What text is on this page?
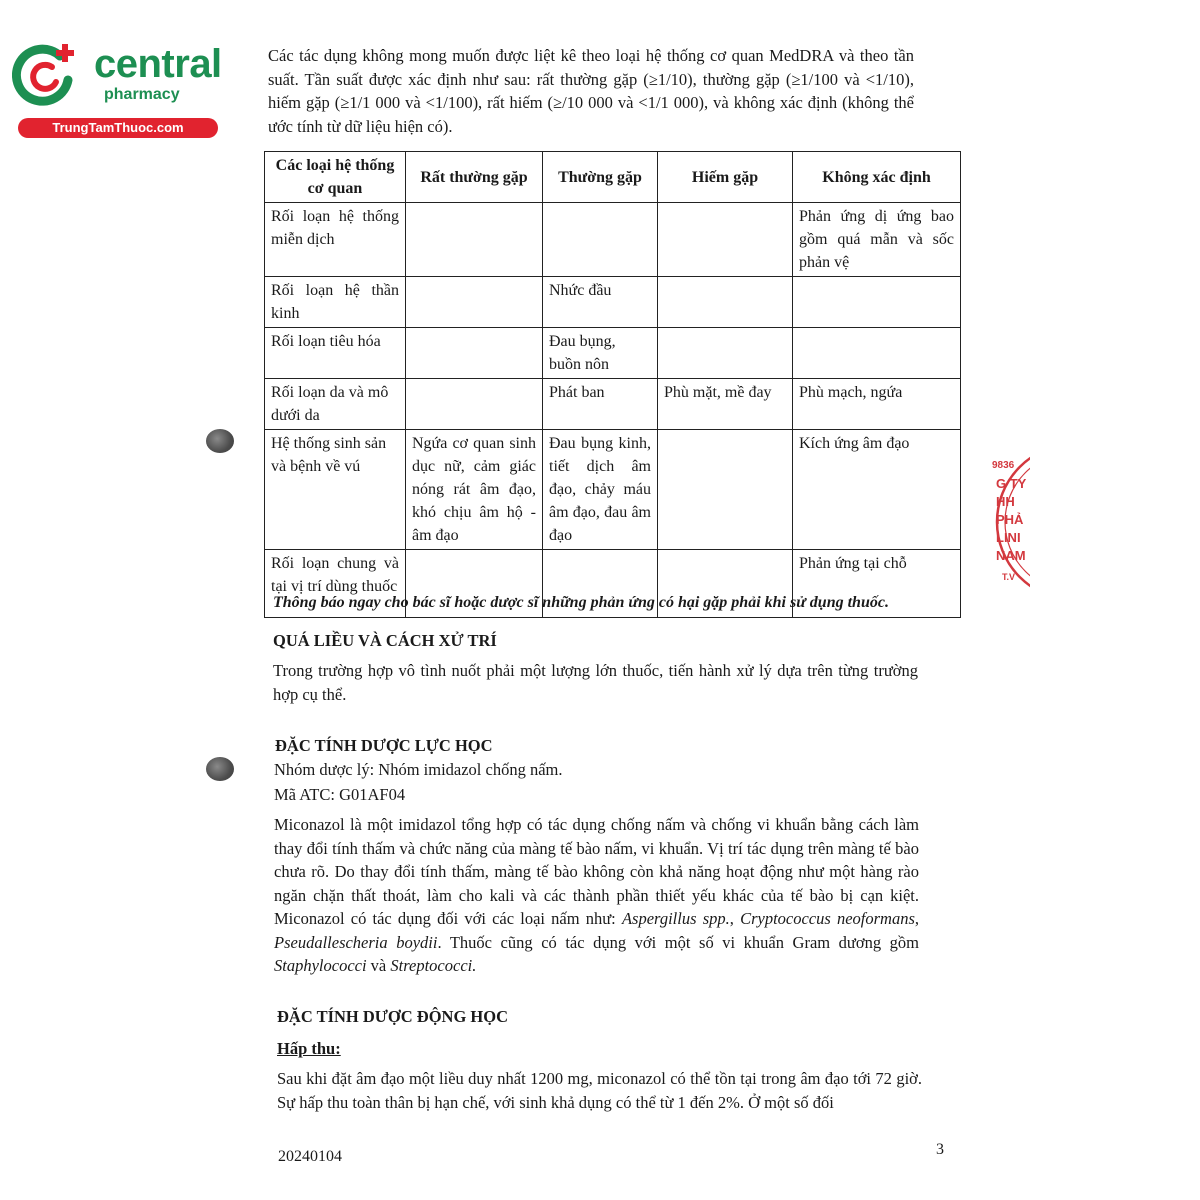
central
pharmacy
TrungTamThuoc.com
Các tác dụng không mong muốn được liệt kê theo loại hệ thống cơ quan MedDRA và theo tần suất. Tần suất được xác định như sau: rất thường gặp (≥1/10), thường gặp (≥1/100 và <1/10), hiếm gặp (≥1/1 000 và <1/100), rất hiếm (≥/10 000 và <1/1 000), và không xác định (không thể ước tính từ dữ liệu hiện có).
Các loại hệ thống cơ quan	Rất thường gặp	Thường gặp	Hiếm gặp	Không xác định
Rối loạn hệ thống miễn dịch				Phản ứng dị ứng bao gồm quá mẫn và sốc phản vệ
Rối loạn hệ thần kinh		Nhức đầu		
Rối loạn tiêu hóa		Đau bụng, buồn nôn		
Rối loạn da và mô dưới da		Phát ban	Phù mặt, mề đay	Phù mạch, ngứa
Hệ thống sinh sản và bệnh về vú	Ngứa cơ quan sinh dục nữ, cảm giác nóng rát âm đạo, khó chịu âm hộ - âm đạo	Đau bụng kinh, tiết dịch âm đạo, chảy máu âm đạo, đau âm đạo		Kích ứng âm đạo
Rối loạn chung và tại vị trí dùng thuốc				Phản ứng tại chỗ
Thông báo ngay cho bác sĩ hoặc dược sĩ những phản ứng có hại gặp phải khi sử dụng thuốc.
9836
G TY
HH
PHẢ
LINI
NAM
T.V
QUÁ LIỀU VÀ CÁCH XỬ TRÍ
Trong trường hợp vô tình nuốt phải một lượng lớn thuốc, tiến hành xử lý dựa trên từng trường hợp cụ thể.
ĐẶC TÍNH DƯỢC LỰC HỌC
Nhóm dược lý: Nhóm imidazol chống nấm.
Mã ATC: G01AF04
Miconazol là một imidazol tổng hợp có tác dụng chống nấm và chống vi khuẩn bằng cách làm thay đổi tính thấm và chức năng của màng tế bào nấm, vi khuẩn. Vị trí tác dụng trên màng tế bào chưa rõ. Do thay đổi tính thấm, màng tế bào không còn khả năng hoạt động như một hàng rào ngăn chặn thất thoát, làm cho kali và các thành phần thiết yếu khác của tế bào bị cạn kiệt. Miconazol có tác dụng đối với các loại nấm như: Aspergillus spp., Cryptococcus neoformans, Pseudallescheria boydii. Thuốc cũng có tác dụng với một số vi khuẩn Gram dương gồm Staphylococci và Streptococci.
ĐẶC TÍNH DƯỢC ĐỘNG HỌC
Hấp thu:
Sau khi đặt âm đạo một liều duy nhất 1200 mg, miconazol có thể tồn tại trong âm đạo tới 72 giờ. Sự hấp thu toàn thân bị hạn chế, với sinh khả dụng có thể từ 1 đến 2%. Ở một số đối
20240104	3
